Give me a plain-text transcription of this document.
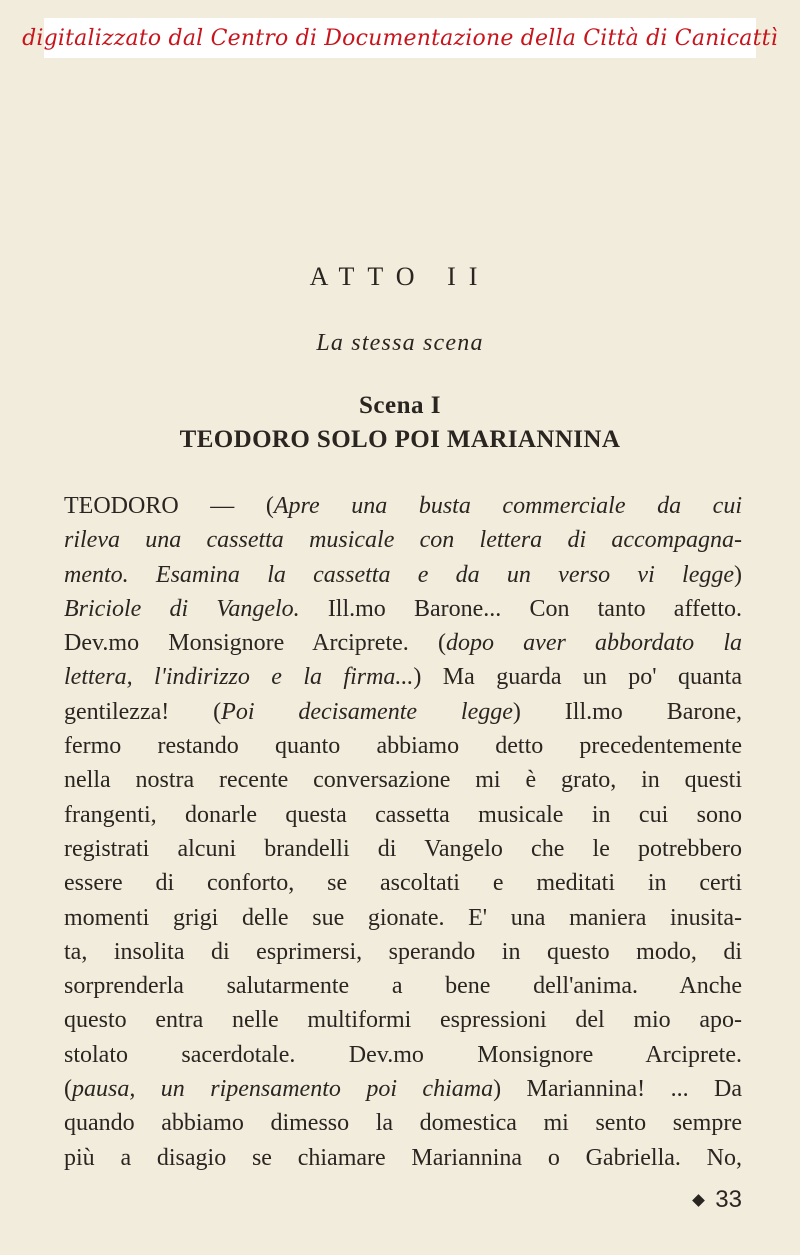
digitalizzato dal Centro di Documentazione della Città di Canicattì
ATTO II
La stessa scena
Scena I
TEODORO SOLO POI MARIANNINA
TEODORO — (Apre una busta commerciale da cui
rileva una cassetta musicale con lettera di accompagna-
mento. Esamina la cassetta e da un verso vi legge)
Briciole di Vangelo. Ill.mo Barone... Con tanto affetto.
Dev.mo Monsignore Arciprete. (dopo aver abbordato la
lettera, l'indirizzo e la firma...) Ma guarda un po' quanta
gentilezza! (Poi decisamente legge) Ill.mo Barone,
fermo restando quanto abbiamo detto precedentemente
nella nostra recente conversazione mi è grato, in questi
frangenti, donarle questa cassetta musicale in cui sono
registrati alcuni brandelli di Vangelo che le potrebbero
essere di conforto, se ascoltati e meditati in certi
momenti grigi delle sue gionate. E' una maniera inusita-
ta, insolita di esprimersi, sperando in questo modo, di
sorprenderla salutarmente a bene dell'anima. Anche
questo entra nelle multiformi espressioni del mio apo-
stolato sacerdotale. Dev.mo Monsignore Arciprete.
(pausa, un ripensamento poi chiama) Mariannina! ... Da
quando abbiamo dimesso la domestica mi sento sempre
più a disagio se chiamare Mariannina o Gabriella. No,
33
